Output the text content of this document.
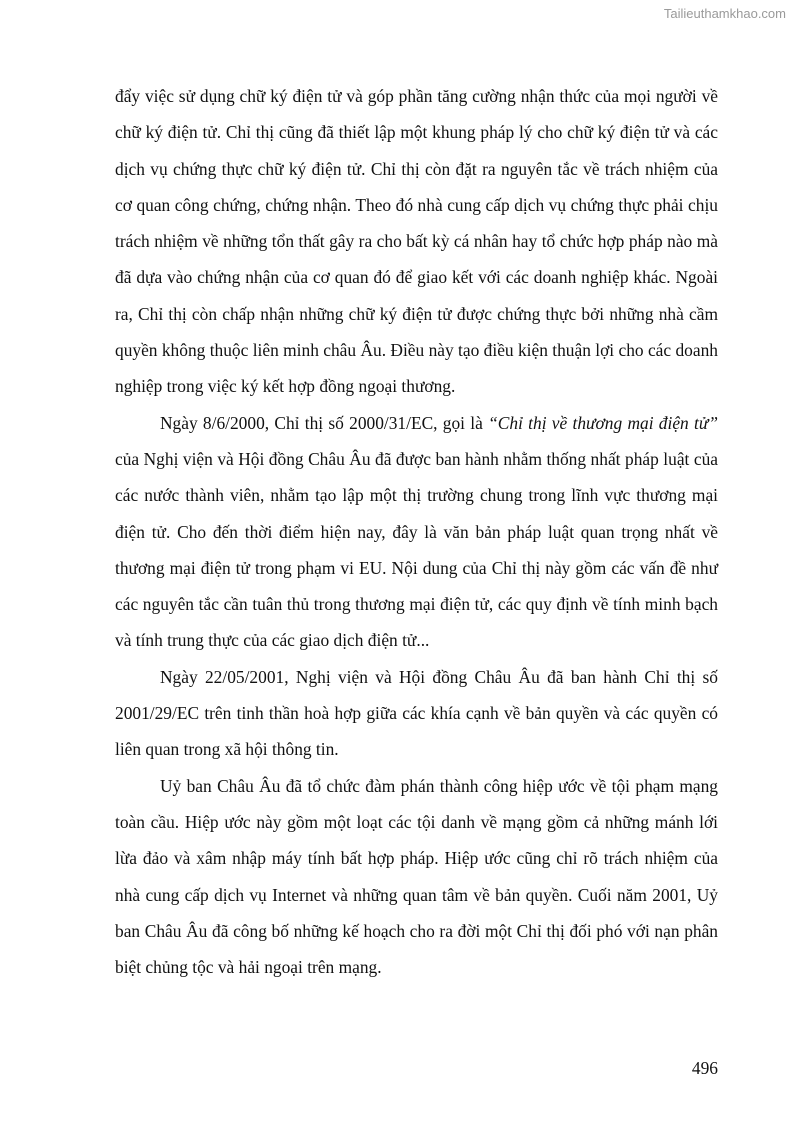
Tailieuthamkhao.com

đẩy việc sử dụng chữ ký điện tử và góp phần tăng cường nhận thức của mọi người về chữ ký điện tử. Chỉ thị cũng đã thiết lập một khung pháp lý cho chữ ký điện tử và các dịch vụ chứng thực chữ ký điện tử. Chỉ thị còn đặt ra nguyên tắc về trách nhiệm của cơ quan công chứng, chứng nhận. Theo đó nhà cung cấp dịch vụ chứng thực phải chịu trách nhiệm về những tổn thất gây ra cho bất kỳ cá nhân hay tổ chức hợp pháp nào mà đã dựa vào chứng nhận của cơ quan đó để giao kết với các doanh nghiệp khác. Ngoài ra, Chỉ thị còn chấp nhận những chữ ký điện tử được chứng thực bởi những nhà cầm quyền không thuộc liên minh châu Âu. Điều này tạo điều kiện thuận lợi cho các doanh nghiệp trong việc ký kết hợp đồng ngoại thương.

Ngày 8/6/2000, Chỉ thị số 2000/31/EC, gọi là “Chỉ thị về thương mại điện tử” của Nghị viện và Hội đồng Châu Âu đã được ban hành nhằm thống nhất pháp luật của các nước thành viên, nhằm tạo lập một thị trường chung trong lĩnh vực thương mại điện tử. Cho đến thời điểm hiện nay, đây là văn bản pháp luật quan trọng nhất về thương mại điện tử trong phạm vi EU. Nội dung của Chỉ thị này gồm các vấn đề như các nguyên tắc cần tuân thủ trong thương mại điện tử, các quy định về tính minh bạch và tính trung thực của các giao dịch điện tử...

Ngày 22/05/2001, Nghị viện và Hội đồng Châu Âu đã ban hành Chỉ thị số 2001/29/EC trên tinh thần hoà hợp giữa các khía cạnh về bản quyền và các quyền có liên quan trong xã hội thông tin.

Uỷ ban Châu Âu đã tổ chức đàm phán thành công hiệp ước về tội phạm mạng toàn cầu. Hiệp ước này gồm một loạt các tội danh về mạng gồm cả những mánh lới lừa đảo và xâm nhập máy tính bất hợp pháp. Hiệp ước cũng chỉ rõ trách nhiệm của nhà cung cấp dịch vụ Internet và những quan tâm về bản quyền. Cuối năm 2001, Uỷ ban Châu Âu đã công bố những kế hoạch cho ra đời một Chỉ thị đối phó với nạn phân biệt chủng tộc và hải ngoại trên mạng.

496
